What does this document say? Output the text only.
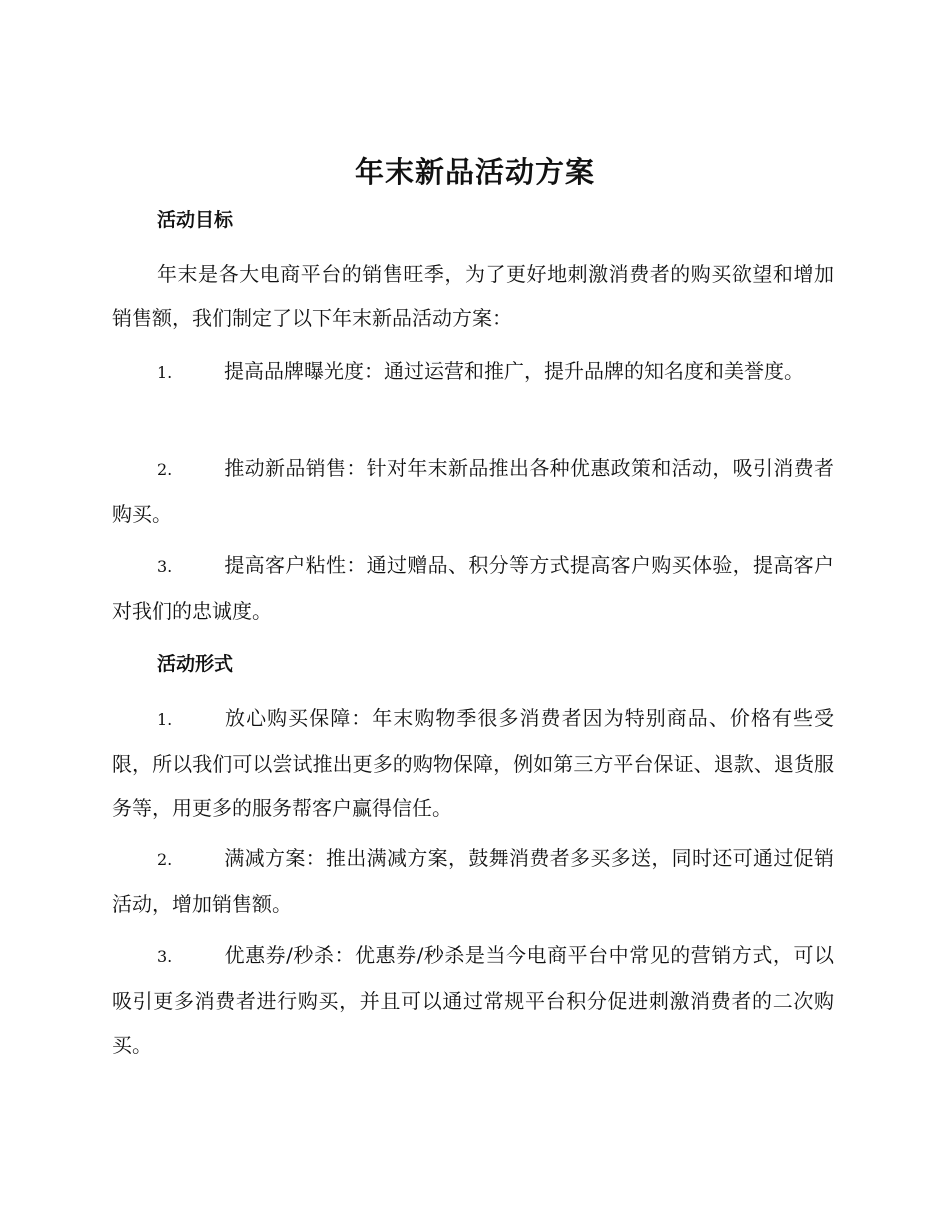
年末新品活动方案
活动目标

年末是各大电商平台的销售旺季，为了更好地刺激消费者的购买欲望和增加销售额，我们制定了以下年末新品活动方案：

1.	提高品牌曝光度：通过运营和推广，提升品牌的知名度和美誉度。

2.	推动新品销售：针对年末新品推出各种优惠政策和活动，吸引消费者购买。

3.	提高客户粘性：通过赠品、积分等方式提高客户购买体验，提高客户对我们的忠诚度。

活动形式

1.	放心购买保障：年末购物季很多消费者因为特别商品、价格有些受限，所以我们可以尝试推出更多的购物保障，例如第三方平台保证、退款、退货服务等，用更多的服务帮客户赢得信任。

2.	满减方案：推出满减方案，鼓舞消费者多买多送，同时还可通过促销活动，增加销售额。

3.	优惠券/秒杀：优惠券/秒杀是当今电商平台中常见的营销方式，可以吸引更多消费者进行购买，并且可以通过常规平台积分促进刺激消费者的二次购买。
